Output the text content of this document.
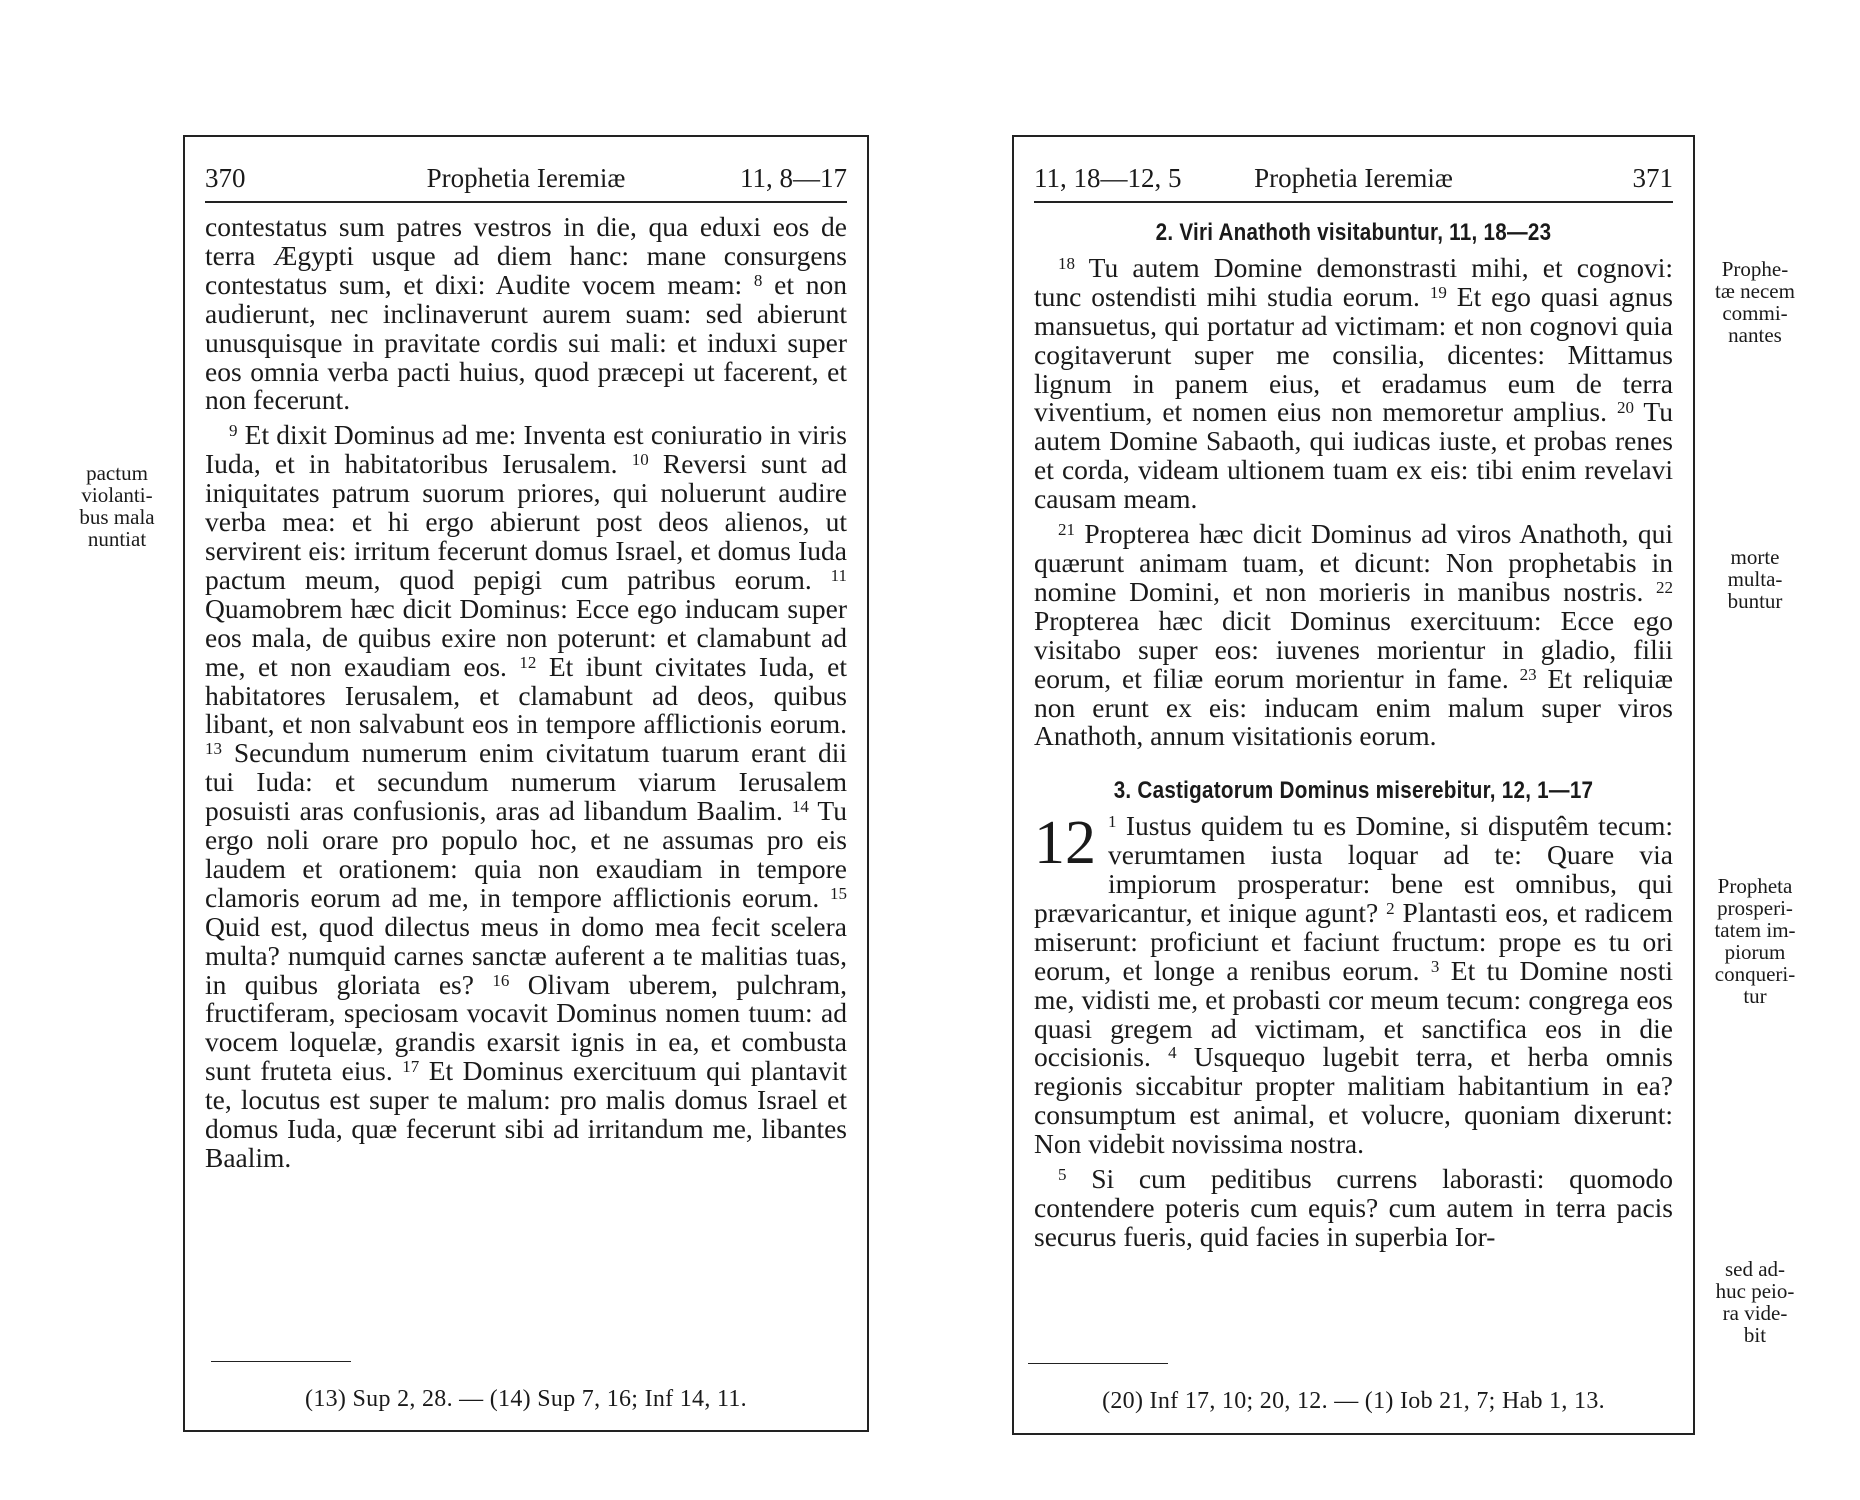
370	Prophetia Ieremiæ	11, 8—17

contestatus sum patres vestros in die, qua eduxi eos de terra Ægypti usque ad diem hanc: mane consurgens contestatus sum, et dixi: Audite vocem meam: $^8$ et non audierunt, nec inclinaverunt aurem suam: sed abierunt unusquisque in pravitate cordis sui mali: et induxi super eos omnia verba pacti huius, quod præcepi ut facerent, et non fecerunt.

$^9$ Et dixit Dominus ad me: Inventa est coniuratio in viris Iuda, et in habitatoribus Ierusalem. $^{10}$ Reversi sunt ad iniquitates patrum suorum priores, qui noluerunt audire verba mea: et hi ergo abierunt post deos alienos, ut servirent eis: irritum fecerunt domus Israel, et domus Iuda pactum meum, quod pepigi cum patribus eorum. $^{11}$ Quamobrem hæc dicit Dominus: Ecce ego inducam super eos mala, de quibus exire non poterunt: et clamabunt ad me, et non exaudiam eos. $^{12}$ Et ibunt civitates Iuda, et habitatores Ierusalem, et clamabunt ad deos, quibus libant, et non salvabunt eos in tempore afflictionis eorum. $^{13}$ Secundum numerum enim civitatum tuarum erant dii tui Iuda: et secundum numerum viarum Ierusalem posuisti aras confusionis, aras ad libandum Baalim. $^{14}$ Tu ergo noli orare pro populo hoc, et ne assumas pro eis laudem et orationem: quia non exaudiam in tempore clamoris eorum ad me, in tempore afflictionis eorum. $^{15}$ Quid est, quod dilectus meus in domo mea fecit scelera multa? numquid carnes sanctæ auferent a te malitias tuas, in quibus gloriata es? $^{16}$ Olivam uberem, pulchram, fructiferam, speciosam vocavit Dominus nomen tuum: ad vocem loquelæ, grandis exarsit ignis in ea, et combusta sunt fruteta eius. $^{17}$ Et Dominus exercituum qui plantavit te, locutus est super te malum: pro malis domus Israel et domus Iuda, quæ fecerunt sibi ad irritandum me, libantes Baalim.

(13) Sup 2, 28. — (14) Sup 7, 16; Inf 14, 11.
pactum
violanti-
bus mala
nuntiat
11, 18—12, 5	Prophetia Ieremiæ	371
2. Viri Anathoth visitabuntur, 11, 18—23

$^{18}$ Tu autem Domine demonstrasti mihi, et cognovi: tunc ostendisti mihi studia eorum. $^{19}$ Et ego quasi agnus mansuetus, qui portatur ad victimam: et non cognovi quia cogitaverunt super me consilia, dicentes: Mittamus lignum in panem eius, et eradamus eum de terra viventium, et nomen eius non memoretur amplius. $^{20}$ Tu autem Domine Sabaoth, qui iudicas iuste, et probas renes et corda, videam ultionem tuam ex eis: tibi enim revelavi causam meam.

$^{21}$ Propterea hæc dicit Dominus ad viros Anathoth, qui quærunt animam tuam, et dicunt: Non prophetabis in nomine Domini, et non morieris in manibus nostris. $^{22}$ Propterea hæc dicit Dominus exercituum: Ecce ego visitabo super eos: iuvenes morientur in gladio, filii eorum, et filiæ eorum morientur in fame. $^{23}$ Et reliquiæ non erunt ex eis: inducam enim malum super viros Anathoth, annum visitationis eorum.

3. Castigatorum Dominus miserebitur, 12, 1—17

12 $^1$ Iustus quidem tu es Domine, si disputêm tecum: verumtamen iusta loquar ad te: Quare via impiorum prosperatur: bene est omnibus, qui prævaricantur, et inique agunt? $^2$ Plantasti eos, et radicem miserunt: proficiunt et faciunt fructum: prope es tu ori eorum, et longe a renibus eorum. $^3$ Et tu Domine nosti me, vidisti me, et probasti cor meum tecum: congrega eos quasi gregem ad victimam, et sanctifica eos in die occisionis. $^4$ Usquequo lugebit terra, et herba omnis regionis siccabitur propter malitiam habitantium in ea? consumptum est animal, et volucre, quoniam dixerunt: Non videbit novissima nostra.

$^5$ Si cum peditibus currens laborasti: quomodo contendere poteris cum equis? cum autem in terra pacis securus fueris, quid facies in superbia Ior-

(20) Inf 17, 10; 20, 12. — (1) Iob 21, 7; Hab 1, 13.
Prophe-
tæ necem
commi-
nantes
morte
multa-
buntur
Propheta
prosperi-
tatem im-
piorum
conqueri-
tur
sed ad-
huc peio-
ra vide-
bit
